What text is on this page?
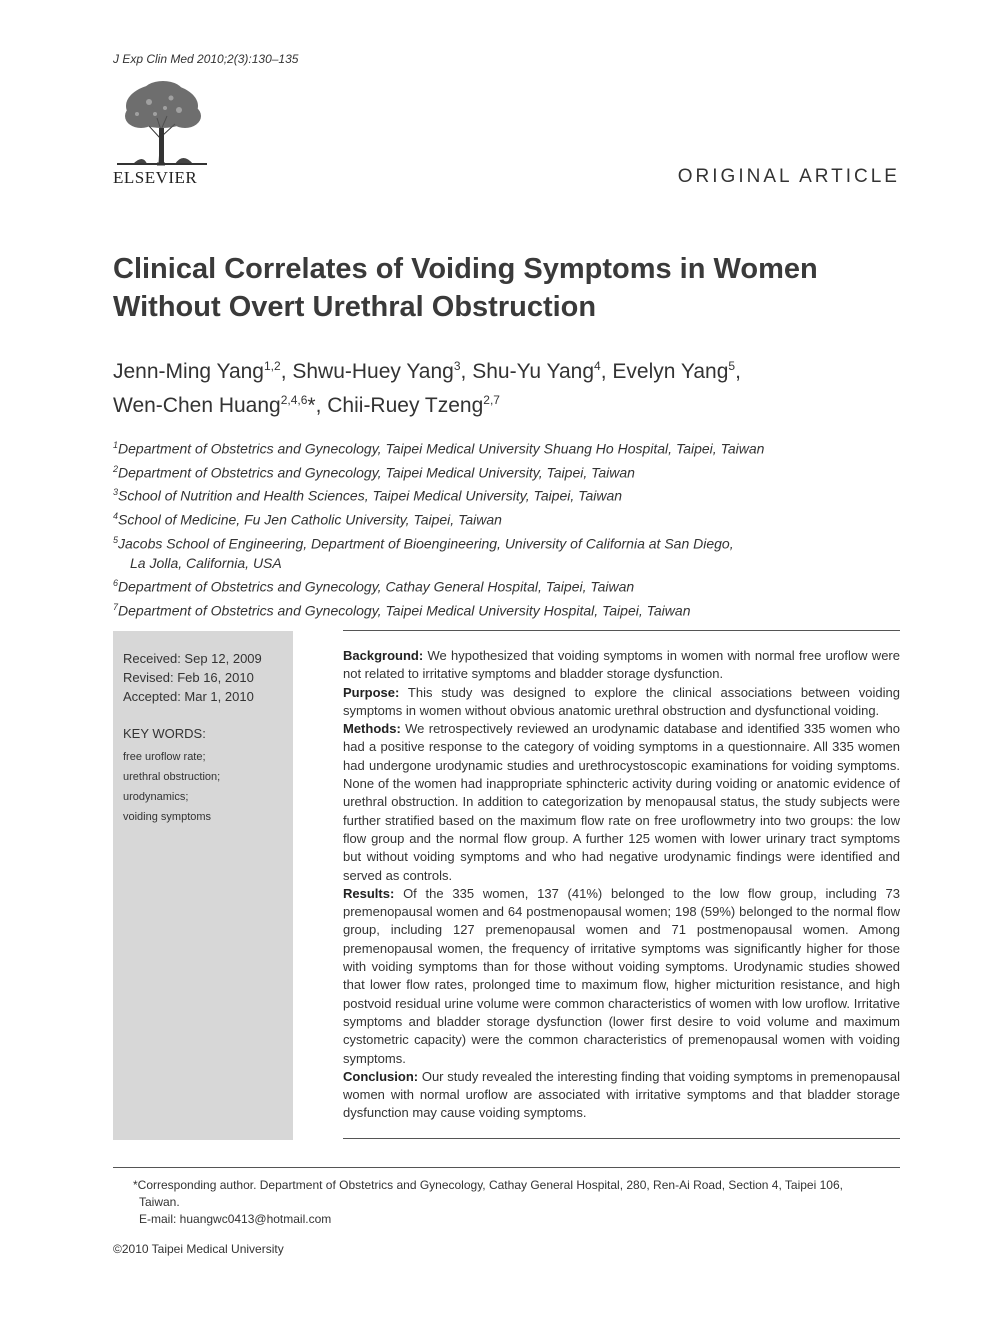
J Exp Clin Med 2010;2(3):130–135
ELSEVIER	ORIGINAL ARTICLE
Clinical Correlates of Voiding Symptoms in Women Without Overt Urethral Obstruction
Jenn-Ming Yang$^{1,2}$, Shwu-Huey Yang$^3$, Shu-Yu Yang$^4$, Evelyn Yang$^5$,
Wen-Chen Huang$^{2,4,6}$*, Chii-Ruey Tzeng$^{2,7}$
$^1$Department of Obstetrics and Gynecology, Taipei Medical University Shuang Ho Hospital, Taipei, Taiwan
$^2$Department of Obstetrics and Gynecology, Taipei Medical University, Taipei, Taiwan
$^3$School of Nutrition and Health Sciences, Taipei Medical University, Taipei, Taiwan
$^4$School of Medicine, Fu Jen Catholic University, Taipei, Taiwan
$^5$Jacobs School of Engineering, Department of Bioengineering, University of California at San Diego,
La Jolla, California, USA
$^6$Department of Obstetrics and Gynecology, Cathay General Hospital, Taipei, Taiwan
$^7$Department of Obstetrics and Gynecology, Taipei Medical University Hospital, Taipei, Taiwan
Received: Sep 12, 2009
Revised: Feb 16, 2010
Accepted: Mar 1, 2010
KEY WORDS:
free uroflow rate;
urethral obstruction;
urodynamics;
voiding symptoms

Background: We hypothesized that voiding symptoms in women with normal free uroflow were not related to irritative symptoms and bladder storage dysfunction.

Purpose: This study was designed to explore the clinical associations between voiding symptoms in women without obvious anatomic urethral obstruction and dysfunctional voiding.

Methods: We retrospectively reviewed an urodynamic database and identified 335 women who had a positive response to the category of voiding symptoms in a questionnaire. All 335 women had undergone urodynamic studies and urethrocystoscopic examinations for voiding symptoms. None of the women had inappropriate sphincteric activity during voiding or anatomic evidence of urethral obstruction. In addition to categorization by menopausal status, the study subjects were further stratified based on the maximum flow rate on free uroflowmetry into two groups: the low flow group and the normal flow group. A further 125 women with lower urinary tract symptoms but without voiding symptoms and who had negative urodynamic findings were identified and served as controls.

Results: Of the 335 women, 137 (41%) belonged to the low flow group, including 73 premenopausal women and 64 postmenopausal women; 198 (59%) belonged to the normal flow group, including 127 premenopausal women and 71 postmenopausal women. Among premenopausal women, the frequency of irritative symptoms was significantly higher for those with voiding symptoms than for those without voiding symptoms. Urodynamic studies showed that lower flow rates, prolonged time to maximum flow, higher micturition resistance, and high postvoid residual urine volume were common characteristics of women with low uroflow. Irritative symptoms and bladder storage dysfunction (lower first desire to void volume and maximum cystometric capacity) were the common characteristics of premenopausal women with voiding symptoms.

Conclusion: Our study revealed the interesting finding that voiding symptoms in premenopausal women with normal uroflow are associated with irritative symptoms and that bladder storage dysfunction may cause voiding symptoms.

*Corresponding author. Department of Obstetrics and Gynecology, Cathay General Hospital, 280, Ren-Ai Road, Section 4, Taipei 106,
Taiwan.
E-mail: huangwc0413@hotmail.com
©2010 Taipei Medical University
